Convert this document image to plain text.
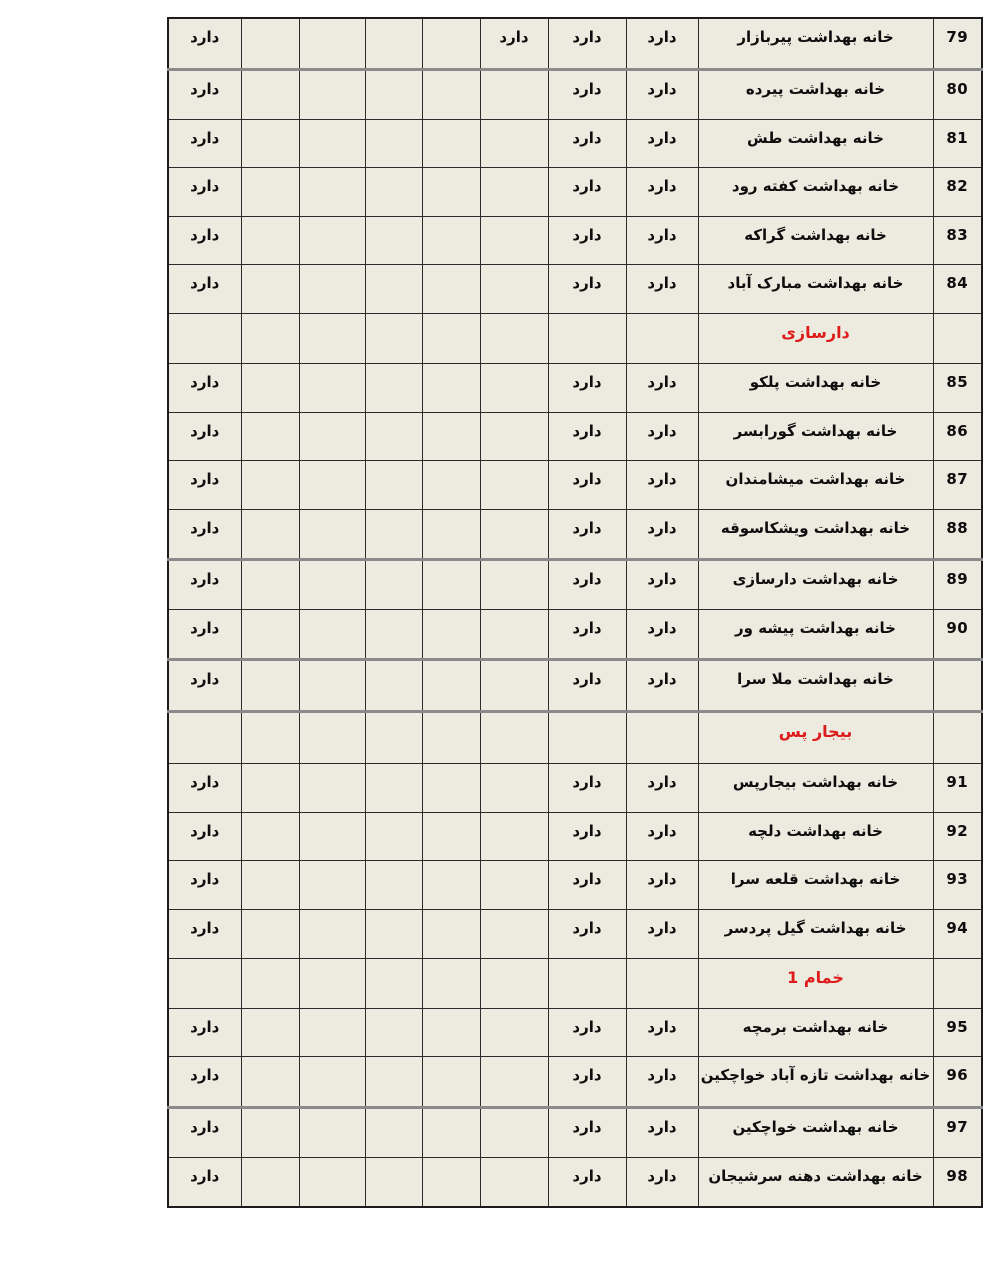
79	خانه بهداشت پیربازار	دارد	دارد	دارد					دارد
80	خانه بهداشت پیرده	دارد	دارد						دارد
81	خانه بهداشت طش	دارد	دارد						دارد
82	خانه بهداشت کفته رود	دارد	دارد						دارد
83	خانه بهداشت گراکه	دارد	دارد						دارد
84	خانه بهداشت مبارک آباد	دارد	دارد						دارد
	دارسازی								
85	خانه بهداشت پلکو	دارد	دارد						دارد
86	خانه بهداشت گورابسر	دارد	دارد						دارد
87	خانه بهداشت میشامندان	دارد	دارد						دارد
88	خانه بهداشت ویشکاسوقه	دارد	دارد						دارد
89	خانه بهداشت دارسازی	دارد	دارد						دارد
90	خانه بهداشت پیشه ور	دارد	دارد						دارد
	خانه بهداشت ملا سرا	دارد	دارد						دارد
	بیجار پس								
91	خانه بهداشت بیجارپس	دارد	دارد						دارد
92	خانه بهداشت دلچه	دارد	دارد						دارد
93	خانه بهداشت قلعه سرا	دارد	دارد						دارد
94	خانه بهداشت گیل پردسر	دارد	دارد						دارد
	خمام 1								
95	خانه بهداشت برمچه	دارد	دارد						دارد
96	خانه بهداشت تازه آباد خواچکین	دارد	دارد						دارد
97	خانه بهداشت خواچکین	دارد	دارد						دارد
98	خانه بهداشت دهنه سرشیجان	دارد	دارد						دارد
